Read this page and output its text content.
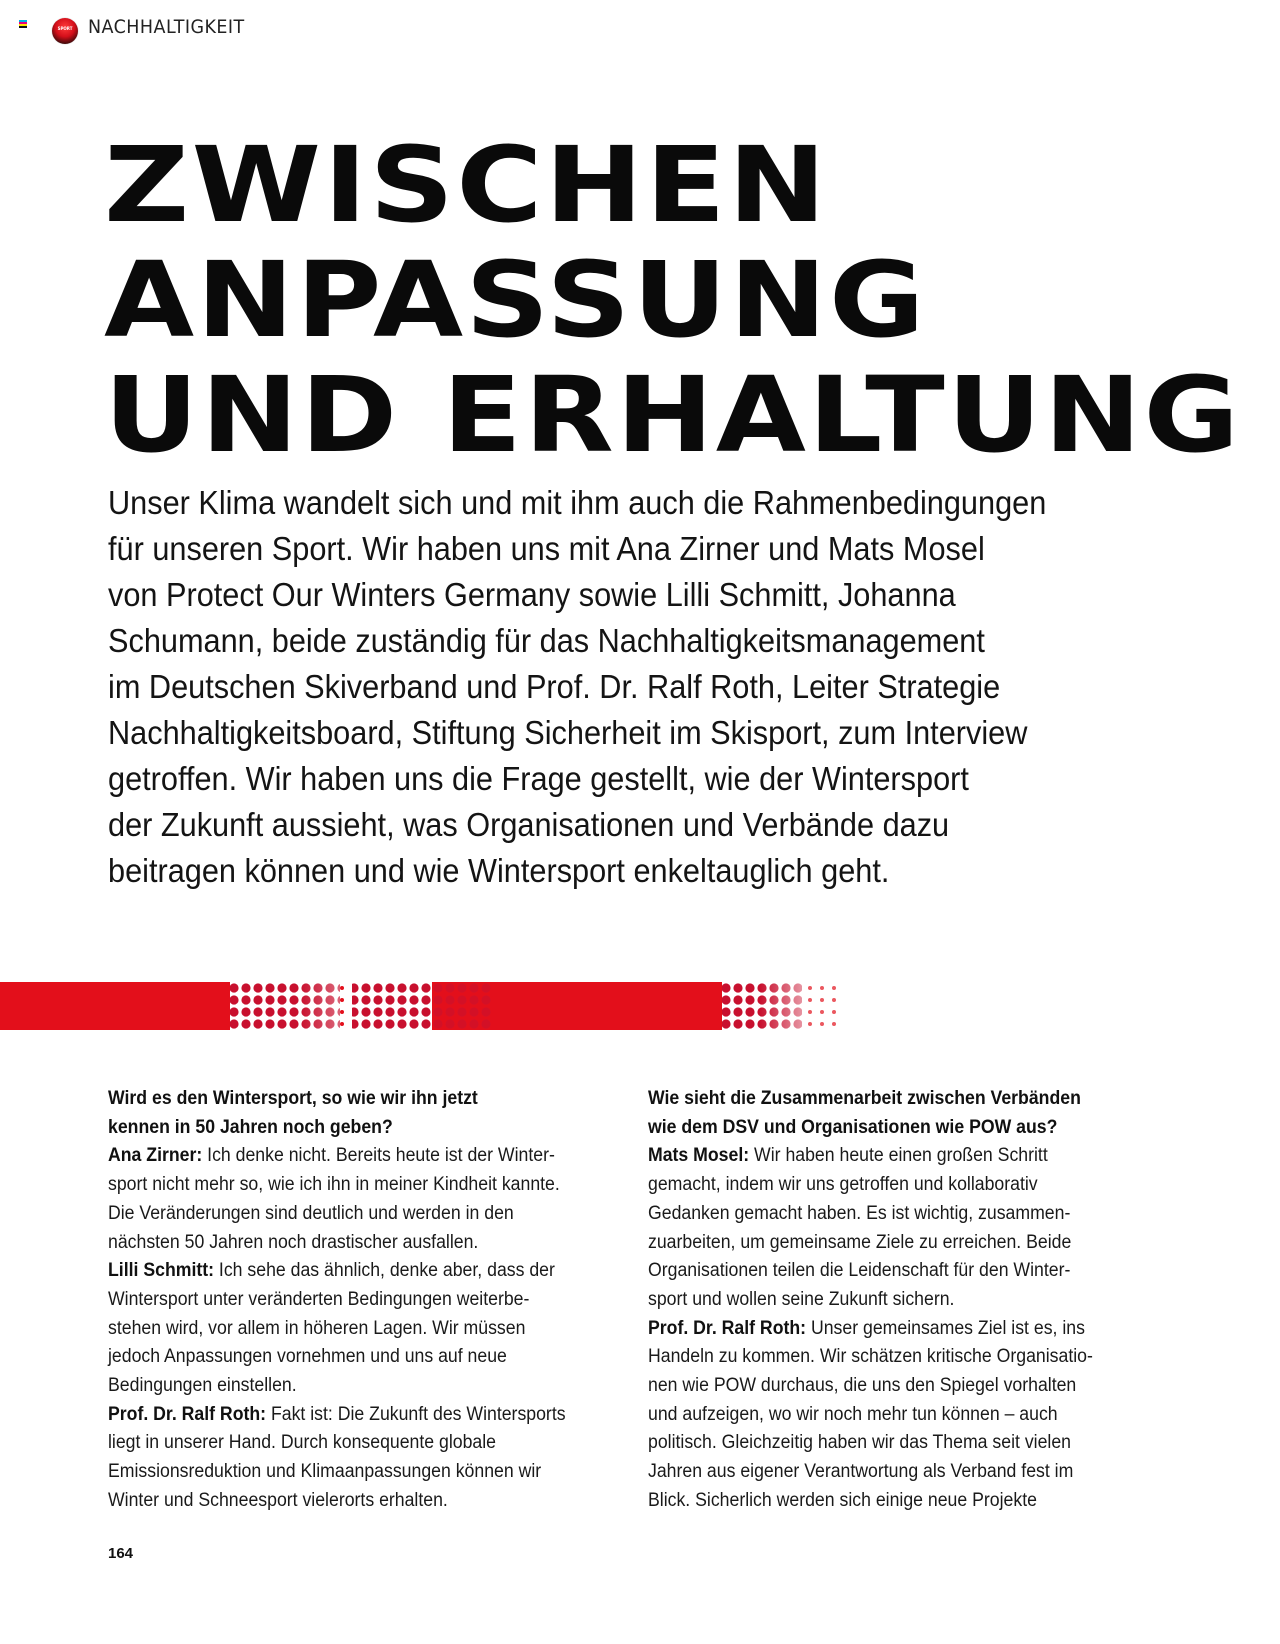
SPORT NACHHALTIGKEIT
ZWISCHEN
ANPASSUNG
UND ERHALTUNG

Unser Klima wandelt sich und mit ihm auch die Rahmenbedingungen
für unseren Sport. Wir haben uns mit Ana Zirner und Mats Mosel
von Protect Our Winters Germany sowie Lilli Schmitt, Johanna
Schumann, beide zuständig für das Nachhaltigkeitsmanagement
im Deutschen Skiverband und Prof. Dr. Ralf Roth, Leiter Strategie
Nachhaltigkeitsboard, Stiftung Sicherheit im Skisport, zum Interview
getroffen. Wir haben uns die Frage gestellt, wie der Wintersport
der Zukunft aussieht, was Organisationen und Verbände dazu
beitragen können und wie Wintersport enkeltauglich geht.

Wird es den Wintersport, so wie wir ihn jetzt
kennen in 50 Jahren noch geben?
Ana Zirner: Ich denke nicht. Bereits heute ist der Winter-
sport nicht mehr so, wie ich ihn in meiner Kindheit kannte.
Die Veränderungen sind deutlich und werden in den
nächsten 50 Jahren noch drastischer ausfallen.
Lilli Schmitt: Ich sehe das ähnlich, denke aber, dass der
Wintersport unter veränderten Bedingungen weiterbe-
stehen wird, vor allem in höheren Lagen. Wir müssen
jedoch Anpassungen vornehmen und uns auf neue
Bedingungen einstellen.
Prof. Dr. Ralf Roth: Fakt ist: Die Zukunft des Wintersports
liegt in unserer Hand. Durch konsequente globale
Emissionsreduktion und Klimaanpassungen können wir
Winter und Schneesport vielerorts erhalten.
Wie sieht die Zusammenarbeit zwischen Verbänden
wie dem DSV und Organisationen wie POW aus?
Mats Mosel: Wir haben heute einen großen Schritt
gemacht, indem wir uns getroffen und kollaborativ
Gedanken gemacht haben. Es ist wichtig, zusammen-
zuarbeiten, um gemeinsame Ziele zu erreichen. Beide
Organisationen teilen die Leidenschaft für den Winter-
sport und wollen seine Zukunft sichern.
Prof. Dr. Ralf Roth: Unser gemeinsames Ziel ist es, ins
Handeln zu kommen. Wir schätzen kritische Organisatio-
nen wie POW durchaus, die uns den Spiegel vorhalten
und aufzeigen, wo wir noch mehr tun können – auch
politisch. Gleichzeitig haben wir das Thema seit vielen
Jahren aus eigener Verantwortung als Verband fest im
Blick. Sicherlich werden sich einige neue Projekte
164
